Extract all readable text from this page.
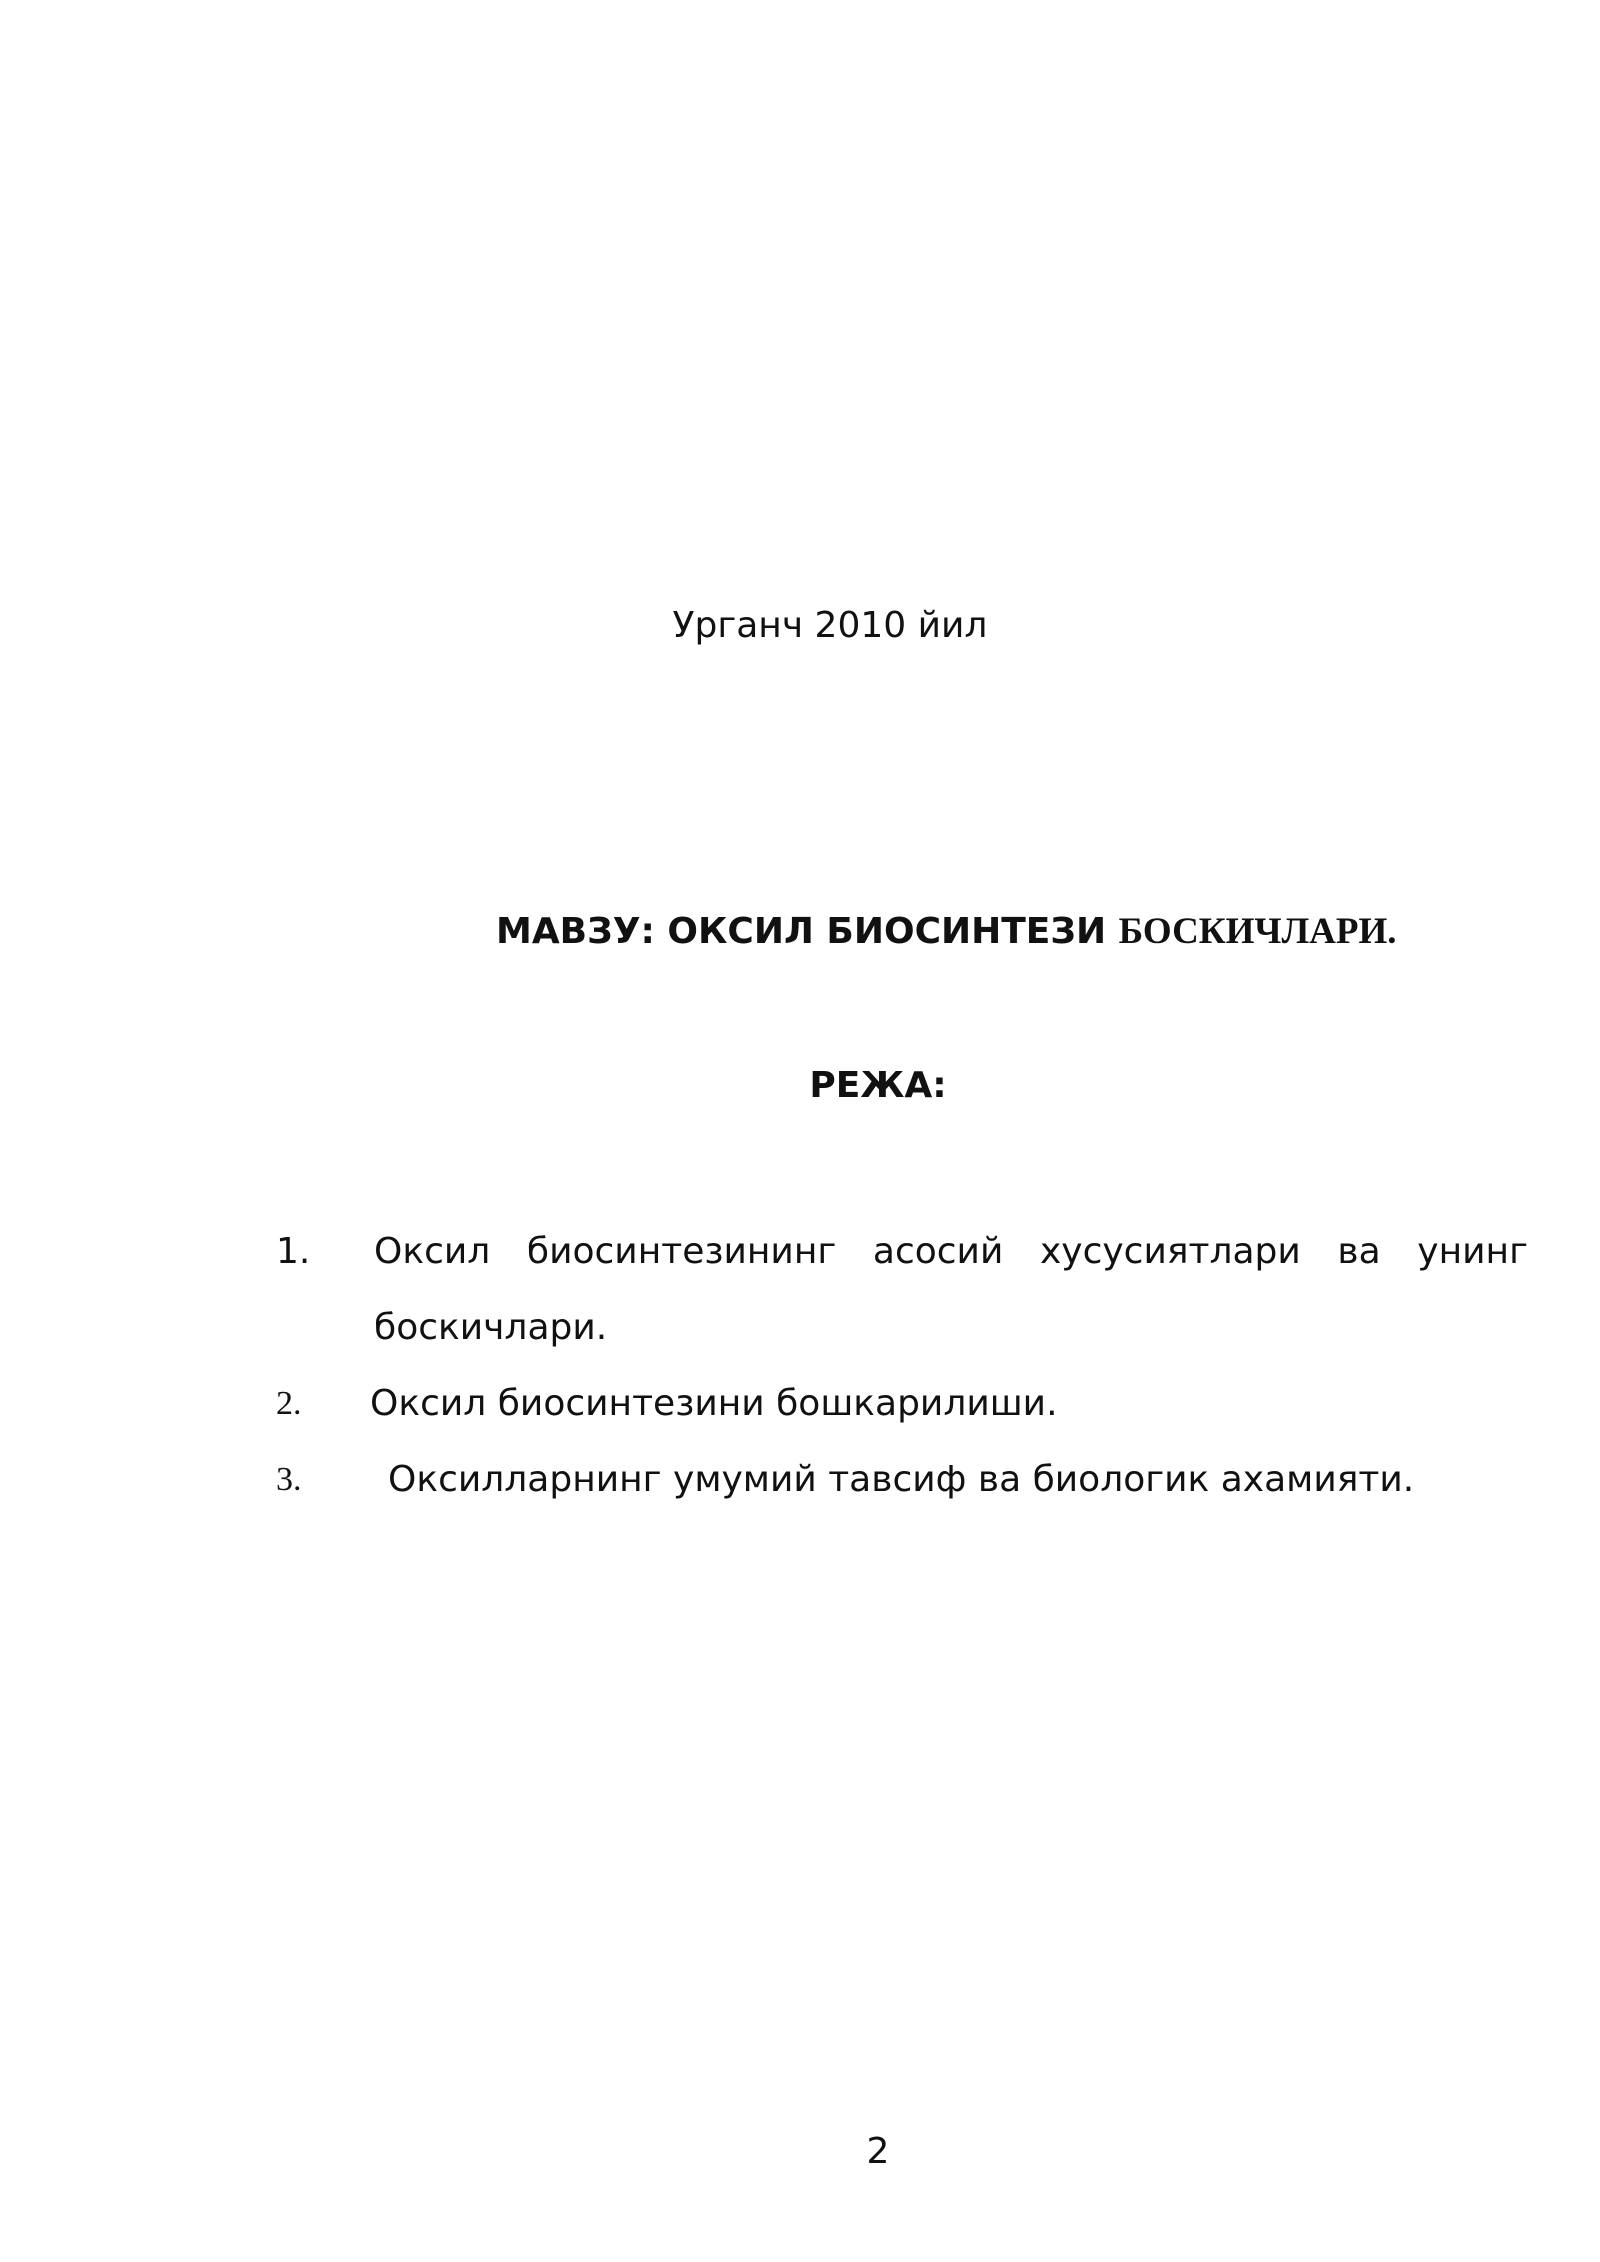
Урганч 2010 йил
МАВЗУ: ОКСИЛ БИОСИНТЕЗИ БОСКИЧЛАРИ.
РЕЖА:
1. Оксил биосинтезининг асосий хусусиятлари ва унинг боскичлари.
2. Оксил биосинтезини бошкарилиши.
3. Оксилларнинг умумий тавсиф ва биологик ахамияти.
2
